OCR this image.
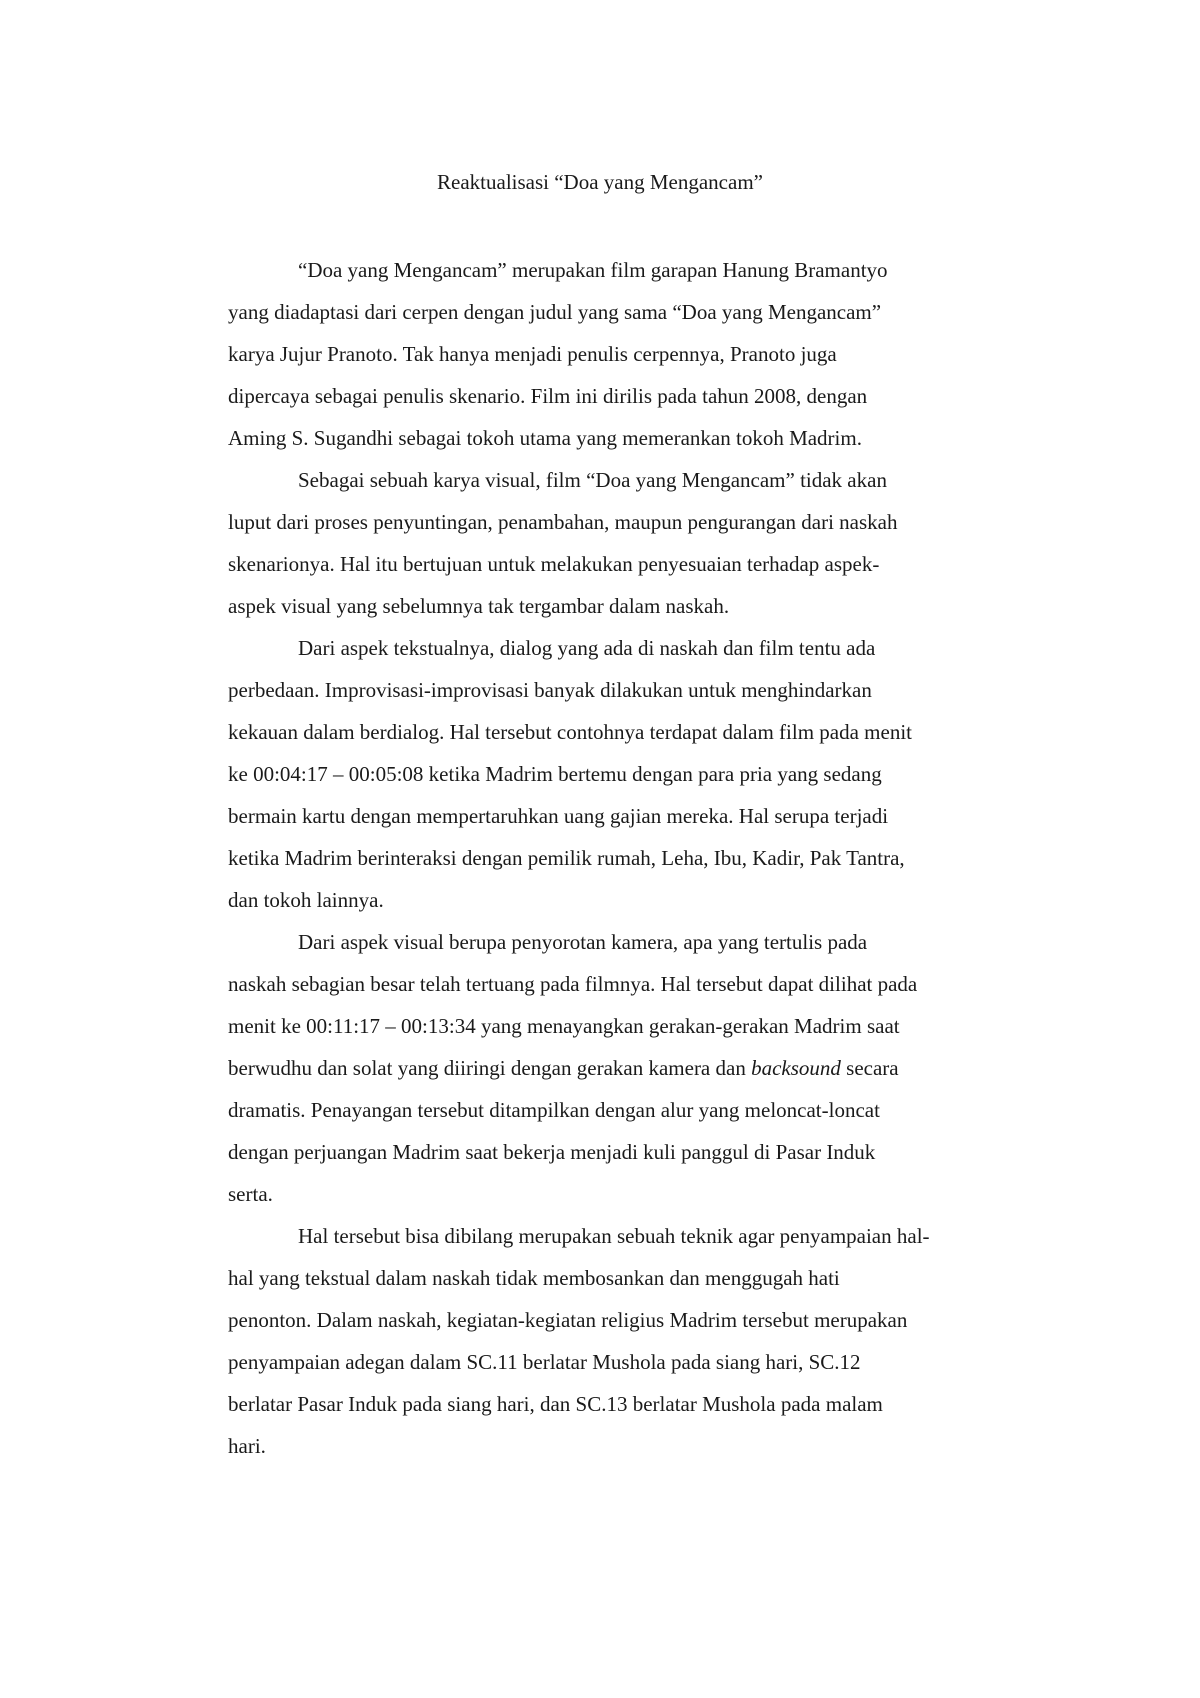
Reaktualisasi “Doa yang Mengancam”

“Doa yang Mengancam” merupakan film garapan Hanung Bramantyo
yang diadaptasi dari cerpen dengan judul yang sama “Doa yang Mengancam”
karya Jujur Pranoto. Tak hanya menjadi penulis cerpennya, Pranoto juga
dipercaya sebagai penulis skenario. Film ini dirilis pada tahun 2008, dengan
Aming S. Sugandhi sebagai tokoh utama yang memerankan tokoh Madrim.

Sebagai sebuah karya visual, film “Doa yang Mengancam” tidak akan
luput dari proses penyuntingan, penambahan, maupun pengurangan dari naskah
skenarionya. Hal itu bertujuan untuk melakukan penyesuaian terhadap aspek-
aspek visual yang sebelumnya tak tergambar dalam naskah.

Dari aspek tekstualnya, dialog yang ada di naskah dan film tentu ada
perbedaan. Improvisasi-improvisasi banyak dilakukan untuk menghindarkan
kekauan dalam berdialog. Hal tersebut contohnya terdapat dalam film pada menit
ke 00:04:17 – 00:05:08 ketika Madrim bertemu dengan para pria yang sedang
bermain kartu dengan mempertaruhkan uang gajian mereka. Hal serupa terjadi
ketika Madrim berinteraksi dengan pemilik rumah, Leha, Ibu, Kadir, Pak Tantra,
dan tokoh lainnya.

Dari aspek visual berupa penyorotan kamera, apa yang tertulis pada
naskah sebagian besar telah tertuang pada filmnya. Hal tersebut dapat dilihat pada
menit ke 00:11:17 – 00:13:34 yang menayangkan gerakan-gerakan Madrim saat
berwudhu dan solat yang diiringi dengan gerakan kamera dan backsound secara
dramatis. Penayangan tersebut ditampilkan dengan alur yang meloncat-loncat
dengan perjuangan Madrim saat bekerja menjadi kuli panggul di Pasar Induk
serta.

Hal tersebut bisa dibilang merupakan sebuah teknik agar penyampaian hal-
hal yang tekstual dalam naskah tidak membosankan dan menggugah hati
penonton. Dalam naskah, kegiatan-kegiatan religius Madrim tersebut merupakan
penyampaian adegan dalam SC.11 berlatar Mushola pada siang hari, SC.12
berlatar Pasar Induk pada siang hari, dan SC.13 berlatar Mushola pada malam
hari.
